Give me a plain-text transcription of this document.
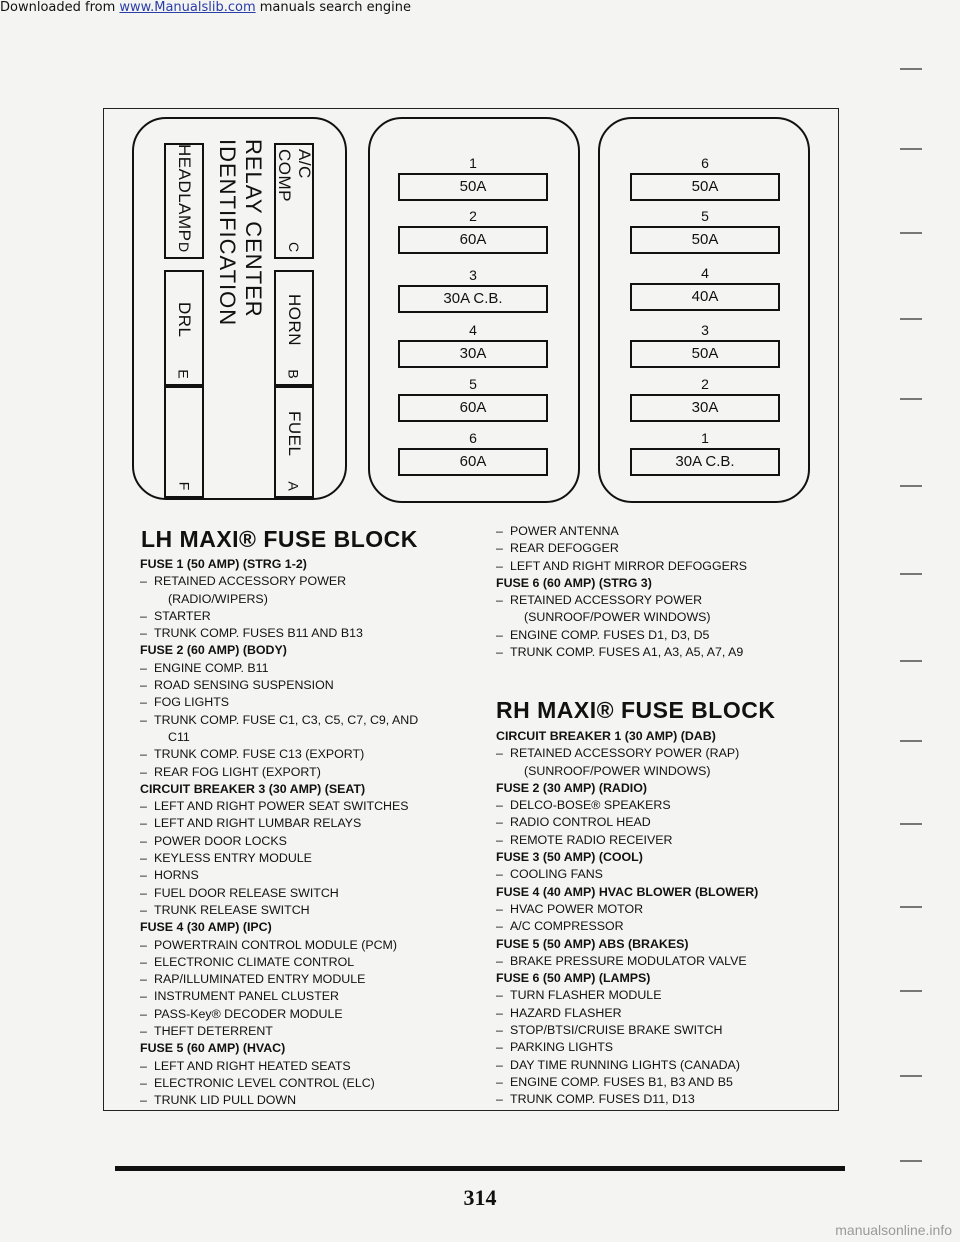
Downloaded from www.Manualslib.com manuals search engine
HEADLAMP
D
DRL
E
F
RELAY CENTER IDENTIFICATION	A/C COMP
C
HORN
B
FUEL
A
1
50A
2
60A
3
30A C.B.
4
30A
5
60A
6
60A
6
50A
5
50A
4
40A
3
50A
2
30A
1
30A C.B.
LH MAXI® FUSE BLOCK
RH MAXI® FUSE BLOCK
FUSE 1 (50 AMP) (STRG 1-2)
– RETAINED ACCESSORY POWER
(RADIO/WIPERS)
– STARTER
– TRUNK COMP. FUSES B11 AND B13
FUSE 2 (60 AMP) (BODY)
– ENGINE COMP. B11
– ROAD SENSING SUSPENSION
– FOG LIGHTS
– TRUNK COMP. FUSE C1, C3, C5, C7, C9, AND
C11
– TRUNK COMP. FUSE C13 (EXPORT)
– REAR FOG LIGHT (EXPORT)
CIRCUIT BREAKER 3 (30 AMP) (SEAT)
– LEFT AND RIGHT POWER SEAT SWITCHES
– LEFT AND RIGHT LUMBAR RELAYS
– POWER DOOR LOCKS
– KEYLESS ENTRY MODULE
– HORNS
– FUEL DOOR RELEASE SWITCH
– TRUNK RELEASE SWITCH
FUSE 4 (30 AMP) (IPC)
– POWERTRAIN CONTROL MODULE (PCM)
– ELECTRONIC CLIMATE CONTROL
– RAP/ILLUMINATED ENTRY MODULE
– INSTRUMENT PANEL CLUSTER
– PASS-Key® DECODER MODULE
– THEFT DETERRENT
FUSE 5 (60 AMP) (HVAC)
– LEFT AND RIGHT HEATED SEATS
– ELECTRONIC LEVEL CONTROL (ELC)
– TRUNK LID PULL DOWN
– POWER ANTENNA
– REAR DEFOGGER
– LEFT AND RIGHT MIRROR DEFOGGERS
FUSE 6 (60 AMP) (STRG 3)
– RETAINED ACCESSORY POWER
(SUNROOF/POWER WINDOWS)
– ENGINE COMP. FUSES D1, D3, D5
– TRUNK COMP. FUSES A1, A3, A5, A7, A9
CIRCUIT BREAKER 1 (30 AMP) (DAB)
– RETAINED ACCESSORY POWER (RAP)
(SUNROOF/POWER WINDOWS)
FUSE 2 (30 AMP) (RADIO)
– DELCO-BOSE® SPEAKERS
– RADIO CONTROL HEAD
– REMOTE RADIO RECEIVER
FUSE 3 (50 AMP) (COOL)
– COOLING FANS
FUSE 4 (40 AMP) HVAC BLOWER (BLOWER)
– HVAC POWER MOTOR
– A/C COMPRESSOR
FUSE 5 (50 AMP) ABS (BRAKES)
– BRAKE PRESSURE MODULATOR VALVE
FUSE 6 (50 AMP) (LAMPS)
– TURN FLASHER MODULE
– HAZARD FLASHER
– STOP/BTSI/CRUISE BRAKE SWITCH
– PARKING LIGHTS
– DAY TIME RUNNING LIGHTS (CANADA)
– ENGINE COMP. FUSES B1, B3 AND B5
– TRUNK COMP. FUSES D11, D13
314
manualsonline.info
